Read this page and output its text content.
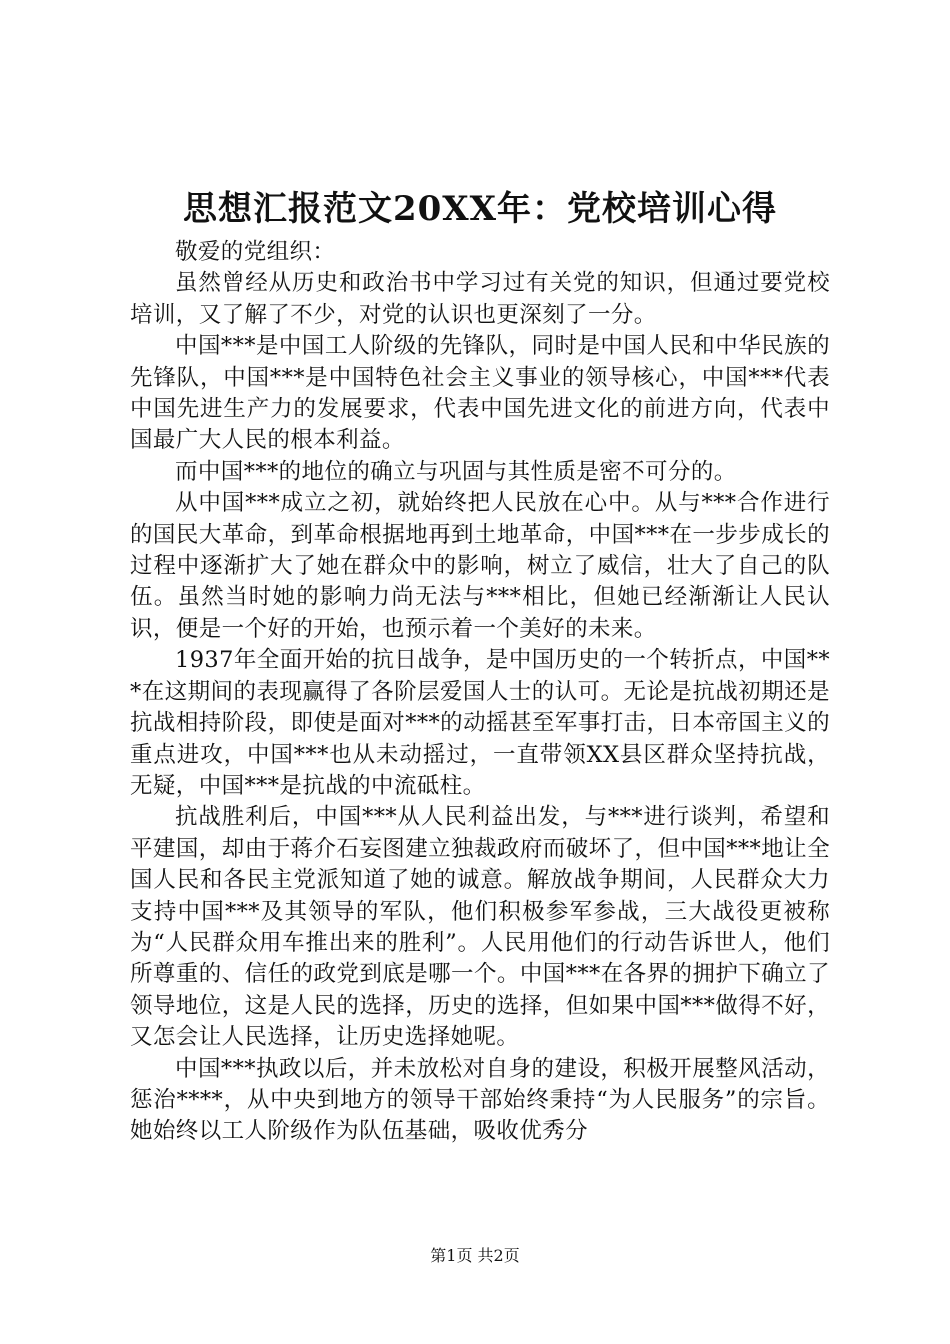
思想汇报范文20XX年：党校培训心得

敬爱的党组织：

虽然曾经从历史和政治书中学习过有关党的知识，但通过要党校培训，又了解了不少，对党的认识也更深刻了一分。

中国***是中国工人阶级的先锋队，同时是中国人民和中华民族的先锋队，中国***是中国特色社会主义事业的领导核心，中国***代表中国先进生产力的发展要求，代表中国先进文化的前进方向，代表中国最广大人民的根本利益。

而中国***的地位的确立与巩固与其性质是密不可分的。

从中国***成立之初，就始终把人民放在心中。从与***合作进行的国民大革命，到革命根据地再到土地革命，中国***在一步步成长的过程中逐渐扩大了她在群众中的影响，树立了威信，壮大了自己的队伍。虽然当时她的影响力尚无法与***相比，但她已经渐渐让人民认识，便是一个好的开始，也预示着一个美好的未来。

1937年全面开始的抗日战争，是中国历史的一个转折点，中国***在这期间的表现赢得了各阶层爱国人士的认可。无论是抗战初期还是抗战相持阶段，即使是面对***的动摇甚至军事打击，日本帝国主义的重点进攻，中国***也从未动摇过，一直带领XX县区群众坚持抗战，无疑，中国***是抗战的中流砥柱。

抗战胜利后，中国***从人民利益出发，与***进行谈判，希望和平建国，却由于蒋介石妄图建立独裁政府而破坏了，但中国***地让全国人民和各民主党派知道了她的诚意。解放战争期间，人民群众大力支持中国***及其领导的军队，他们积极参军参战，三大战役更被称为“人民群众用车推出来的胜利”。人民用他们的行动告诉世人，他们所尊重的、信任的政党到底是哪一个。中国***在各界的拥护下确立了领导地位，这是人民的选择，历史的选择，但如果中国***做得不好，又怎会让人民选择，让历史选择她呢。

中国***执政以后，并未放松对自身的建设，积极开展整风活动，惩治****，从中央到地方的领导干部始终秉持“为人民服务”的宗旨。她始终以工人阶级作为队伍基础，吸收优秀分

第1页 共2页
